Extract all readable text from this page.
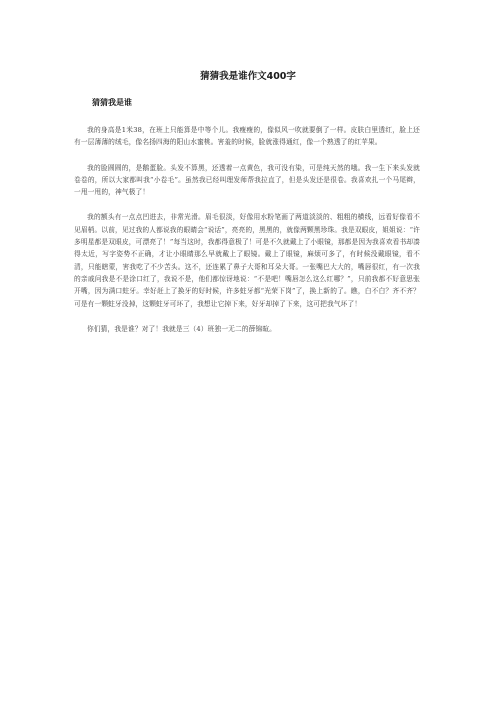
猜猜我是谁作文400字
猜猜我是谁

我的身高是1米38，在班上只能算是中等个儿。我瘦瘦的，像似风一吹就要倒了一样。皮肤白里透红，脸上还有一层薄薄的绒毛，像名扬四海的阳山水蜜桃。害羞的时候，脸就涨得通红，像一个熟透了的红苹果。

我的脸圆圆的，是鹅蛋脸。头发不算黑，还透着一点黄色，我可没有染，可是纯天然的哦。我一生下来头发就卷卷的，所以大家都叫我“小卷毛”。虽然我已经叫理发师帮我拉直了，但是头发还是很卷。我喜欢扎一个马尾辫，一甩一甩的，神气极了！

我的额头有一点点凹进去，非常光滑。眉毛很淡，好像用水粉笔画了两道淡淡的、粗粗的横线，远看好像看不见眉梢。以前，见过我的人都说我的眼睛会“说话”，亮亮的，黑黑的，就像两颗黑珍珠。我是双眼皮，姐姐说：“许多明星都是双眼皮，可漂亮了！”每当这时，我都得意极了！可是不久就戴上了小眼镜，那都是因为我喜欢看书却凑得太近，写字姿势不正确，才让小眼睛那么早就戴上了眼镜。戴上了眼镜，麻烦可多了，有时候没戴眼镜，看不清，只能瞎蒙，害我吃了不少苦头。这不，还连累了鼻子大哥和耳朵大哥。一张嘴巴大大的，嘴唇很红，有一次我的亲戚问我是不是涂口红了，我说不是，他们都惊讶地说：“不是吧！嘴唇怎么这么红哪？”，只前我都不好意思张开嘴，因为满口蛀牙。幸好赶上了换牙的好时候，许多蛀牙都“光荣下岗”了，换上新的了。瞧，白不白？齐不齐？可是有一颗蛀牙没掉，这颗蛀牙可坏了，我想让它掉下来，好牙却掉了下来，这可把我气坏了！

你们猜，我是谁？对了！我就是三（4）班独一无二的薛锦暄。
